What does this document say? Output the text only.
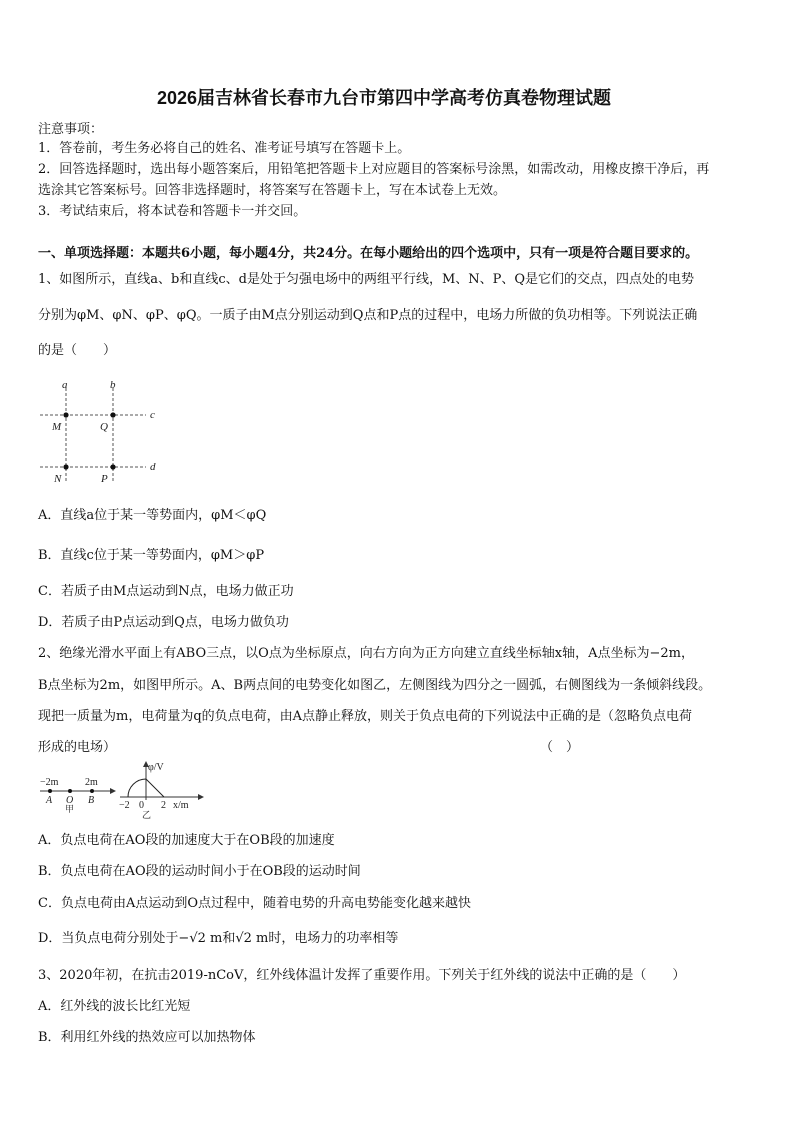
2026届吉林省长春市九台市第四中学高考仿真卷物理试题
注意事项：
1．答卷前，考生务必将自己的姓名、准考证号填写在答题卡上。
2．回答选择题时，选出每小题答案后，用铅笔把答题卡上对应题目的答案标号涂黑，如需改动，用橡皮擦干净后，再
选涂其它答案标号。回答非选择题时，将答案写在答题卡上，写在本试卷上无效。
3．考试结束后，将本试卷和答题卡一并交回。
一、单项选择题：本题共6小题，每小题4分，共24分。在每小题给出的四个选项中，只有一项是符合题目要求的。
1、如图所示，直线a、b和直线c、d是处于匀强电场中的两组平行线，M、N、P、Q是它们的交点，四点处的电势
分别为φM、φN、φP、φQ。一质子由M点分别运动到Q点和P点的过程中，电场力所做的负功相等。下列说法正确
的是（　　）
a	b
c
d
M	Q
N	P
A．直线a位于某一等势面内，φM＜φQ
B．直线c位于某一等势面内，φM＞φP
C．若质子由M点运动到N点，电场力做正功
D．若质子由P点运动到Q点，电场力做负功
2、绝缘光滑水平面上有ABO三点，以O点为坐标原点，向右方向为正方向建立直线坐标轴x轴，A点坐标为−2m，
B点坐标为2m，如图甲所示。A、B两点间的电势变化如图乙，左侧图线为四分之一圆弧，右侧图线为一条倾斜线段。
现把一质量为m，电荷量为q的负点电荷，由A点静止释放，则关于负点电荷的下列说法中正确的是（忽略负点电荷
形成的电场）	（　）
−2m	2m
A O B
甲
φ/V
−2 0 2 x/m
乙
A．负点电荷在AO段的加速度大于在OB段的加速度
B．负点电荷在AO段的运动时间小于在OB段的运动时间
C．负点电荷由A点运动到O点过程中，随着电势的升高电势能变化越来越快
D．当负点电荷分别处于−√2 m和√2 m时，电场力的功率相等
3、2020年初，在抗击2019-nCoV，红外线体温计发挥了重要作用。下列关于红外线的说法中正确的是（　　）
A．红外线的波长比红光短
B．利用红外线的热效应可以加热物体
